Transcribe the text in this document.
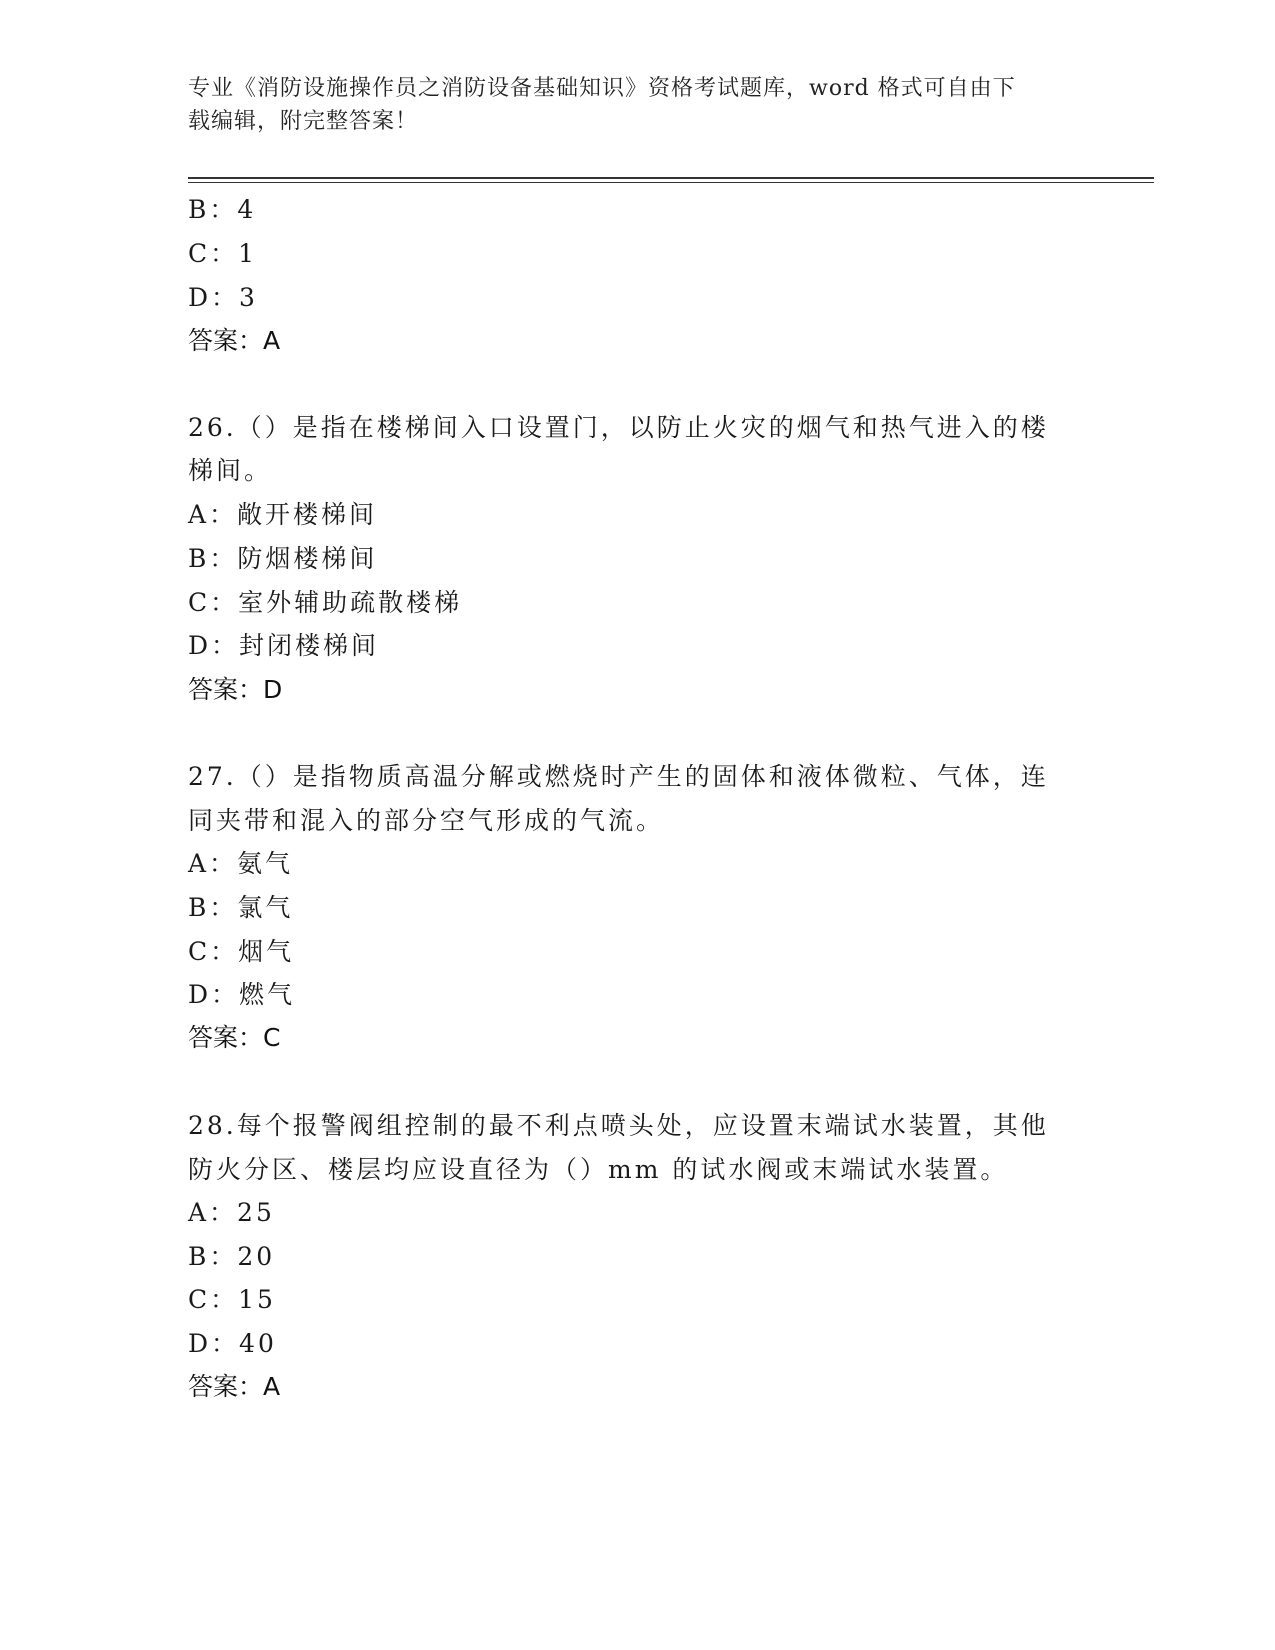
专业《消防设施操作员之消防设备基础知识》资格考试题库，word 格式可自由下
载编辑，附完整答案！
B：4
C：1
D：3
答案：A
26.（）是指在楼梯间入口设置门，以防止火灾的烟气和热气进入的楼
梯间。
A：敞开楼梯间
B：防烟楼梯间
C：室外辅助疏散楼梯
D：封闭楼梯间
答案：D
27.（）是指物质高温分解或燃烧时产生的固体和液体微粒、气体，连
同夹带和混入的部分空气形成的气流。
A：氨气
B：氯气
C：烟气
D：燃气
答案：C
28.每个报警阀组控制的最不利点喷头处，应设置末端试水装置，其他
防火分区、楼层均应设直径为（）mm 的试水阀或末端试水装置。
A：25
B：20
C：15
D：40
答案：A
